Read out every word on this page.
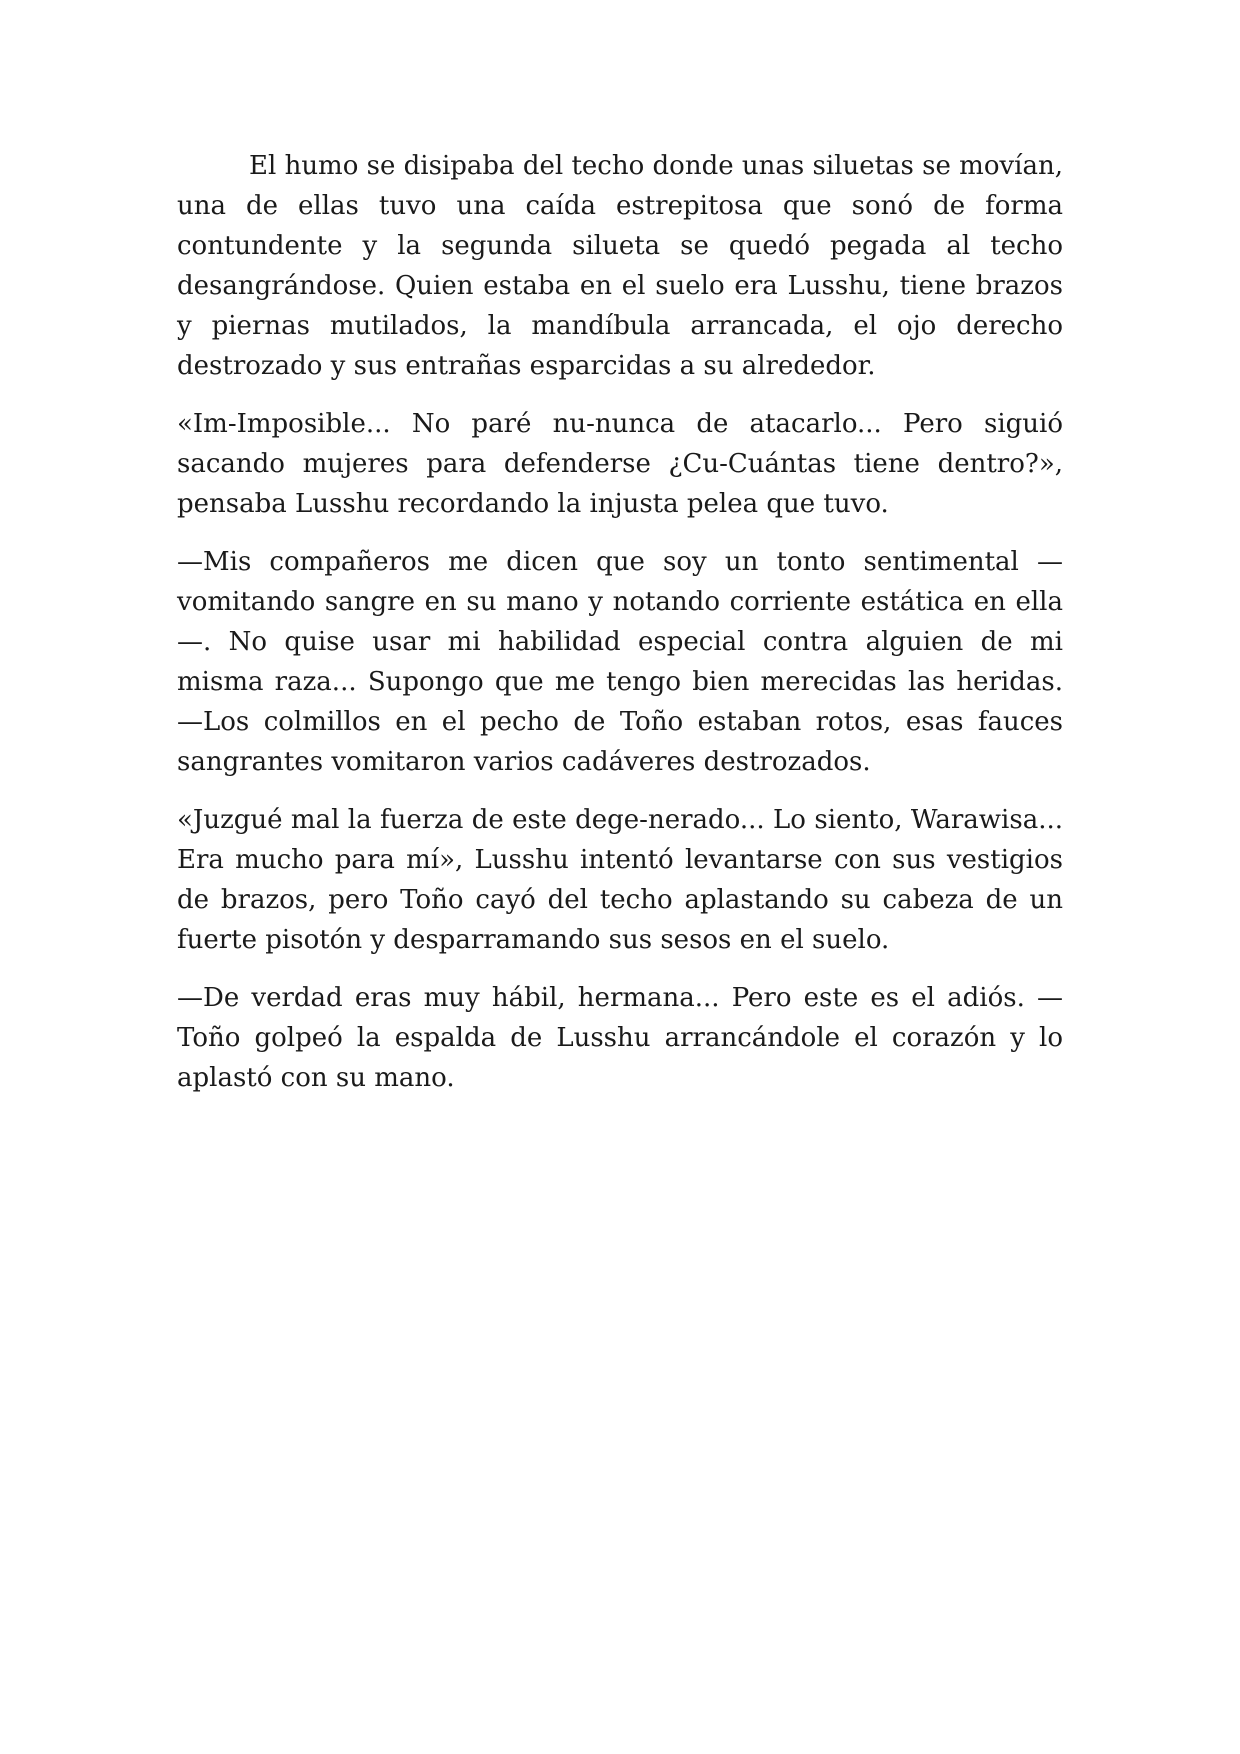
El humo se disipaba del techo donde unas siluetas se movían, una de ellas tuvo una caída estrepitosa que sonó de forma contundente y la segunda silueta se quedó pegada al techo desangrándose. Quien estaba en el suelo era Lusshu, tiene brazos y piernas mutilados, la mandíbula arrancada, el ojo derecho destrozado y sus entrañas esparcidas a su alrededor.

«Im-Imposible... No paré nu-nunca de atacarlo... Pero siguió sacando mujeres para defenderse ¿Cu-Cuántas tiene dentro?», pensaba Lusshu recordando la injusta pelea que tuvo.

—Mis compañeros me dicen que soy un tonto sentimental —vomitando sangre en su mano y notando corriente estática en ella—. No quise usar mi habilidad especial contra alguien de mi misma raza... Supongo que me tengo bien merecidas las heridas. —Los colmillos en el pecho de Toño estaban rotos, esas fauces sangrantes vomitaron varios cadáveres destrozados.

«Juzgué mal la fuerza de este dege-nerado... Lo siento, Warawisa... Era mucho para mí», Lusshu intentó levantarse con sus vestigios de brazos, pero Toño cayó del techo aplastando su cabeza de un fuerte pisotón y desparramando sus sesos en el suelo.

—De verdad eras muy hábil, hermana... Pero este es el adiós. —Toño golpeó la espalda de Lusshu arrancándole el corazón y lo aplastó con su mano.
